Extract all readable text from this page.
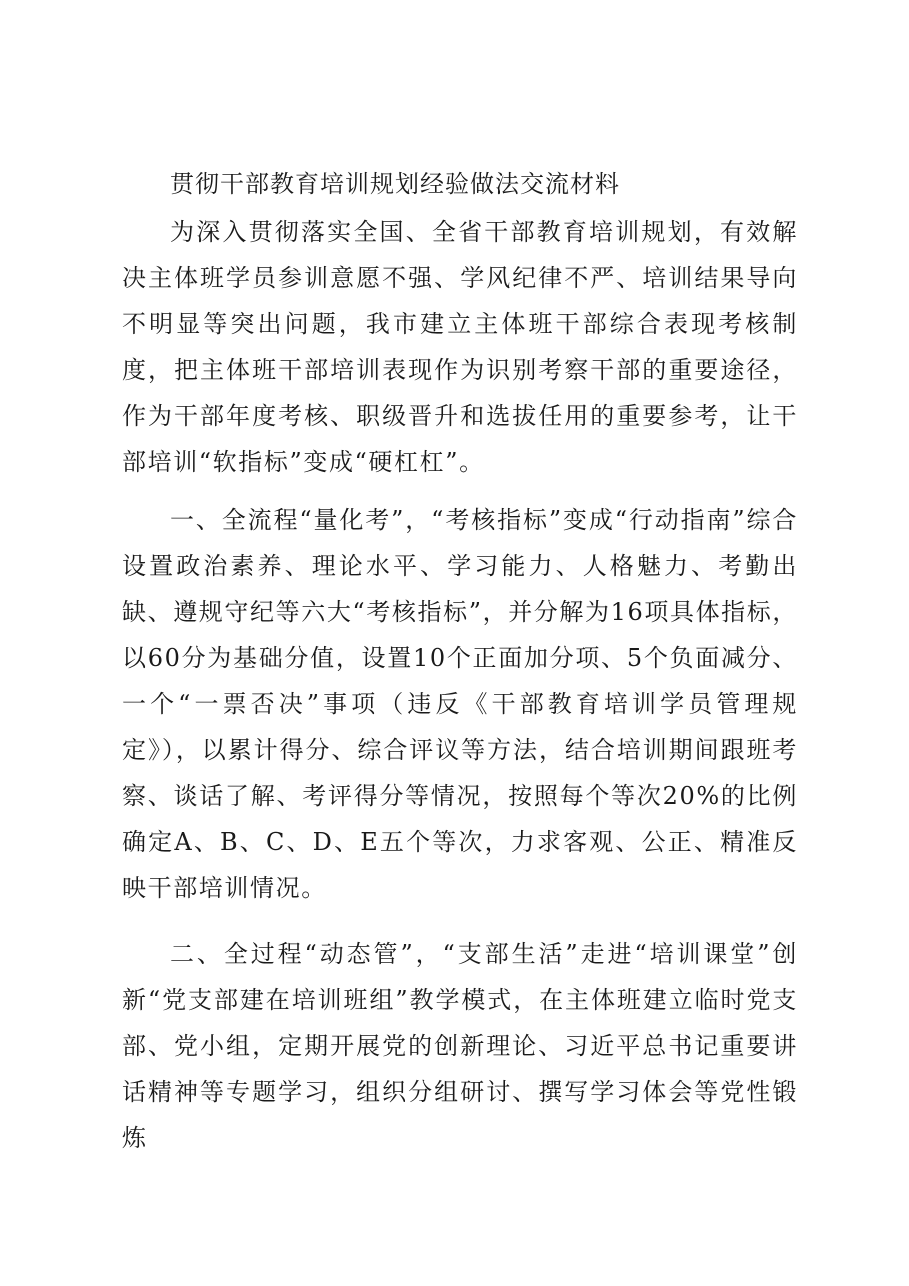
贯彻干部教育培训规划经验做法交流材料

为深入贯彻落实全国、全省干部教育培训规划，有效解决主体班学员参训意愿不强、学风纪律不严、培训结果导向不明显等突出问题，我市建立主体班干部综合表现考核制度，把主体班干部培训表现作为识别考察干部的重要途径，作为干部年度考核、职级晋升和选拔任用的重要参考，让干部培训“软指标”变成“硬杠杠”。

一、全流程“量化考”，“考核指标”变成“行动指南”综合设置政治素养、理论水平、学习能力、人格魅力、考勤出缺、遵规守纪等六大“考核指标”，并分解为16项具体指标，以60分为基础分值，设置10个正面加分项、5个负面减分、一个“一票否决”事项（违反《干部教育培训学员管理规定》），以累计得分、综合评议等方法，结合培训期间跟班考察、谈话了解、考评得分等情况，按照每个等次20%的比例确定A、B、C、D、E五个等次，力求客观、公正、精准反映干部培训情况。

二、全过程“动态管”，“支部生活”走进“培训课堂”创新“党支部建在培训班组”教学模式，在主体班建立临时党支部、党小组，定期开展党的创新理论、习近平总书记重要讲话精神等专题学习，组织分组研讨、撰写学习体会等党性锻炼
